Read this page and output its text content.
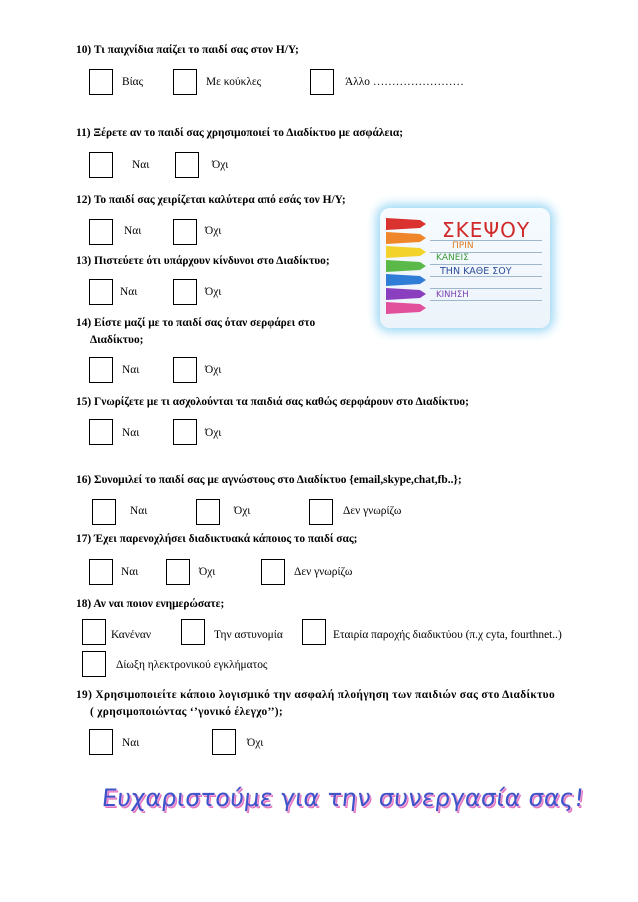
10) Τι παιχνίδια παίζει το παιδί σας στον Η/Υ;
Βίας	Με κούκλες	Άλλο ……………………
11) Ξέρετε αν το παιδί σας χρησιμοποιεί το Διαδίκτυο με ασφάλεια;
Ναι	Όχι
12) Το παιδί σας χειρίζεται καλύτερα από εσάς τον Η/Υ;
Ναι	Όχι
13) Πιστεύετε ότι υπάρχουν κίνδυνοι στο Διαδίκτυο;
Ναι	Όχι
14) Είστε μαζί με το παιδί σας όταν σερφάρει στο
Διαδίκτυο;
Ναι	Όχι
15) Γνωρίζετε με τι ασχολούνται τα παιδιά σας καθώς σερφάρουν στο Διαδίκτυο;
Ναι	Όχι
16) Συνομιλεί το παιδί σας με αγνώστους στο Διαδίκτυο {email,skype,chat,fb..};
Ναι	Όχι	Δεν γνωρίζω
17) Έχει παρενοχλήσει διαδικτυακά κάποιος το παιδί σας;
Ναι	Όχι	Δεν γνωρίζω
18) Αν ναι ποιον ενημερώσατε;
Κανέναν	Την αστυνομία	Εταιρία παροχής διαδικτύου (π.χ cyta, fourthnet..)
Δίωξη ηλεκτρονικού εγκλήματος
19) Χρησιμοποιείτε κάποιο λογισμικό την ασφαλή πλοήγηση των παιδιών σας στο Διαδίκτυο
( χρησιμοποιώντας ‘’γονικό έλεγχο’’);
Ναι	Όχι
ΣΚΕΨΟΥ
ΠΡΙΝ
ΚΑΝΕΙΣ
ΤΗΝ ΚΑΘΕ ΣΟΥ
ΚΙΝΗΣΗ
Ευχαριστούμε για την συνεργασία σας!
